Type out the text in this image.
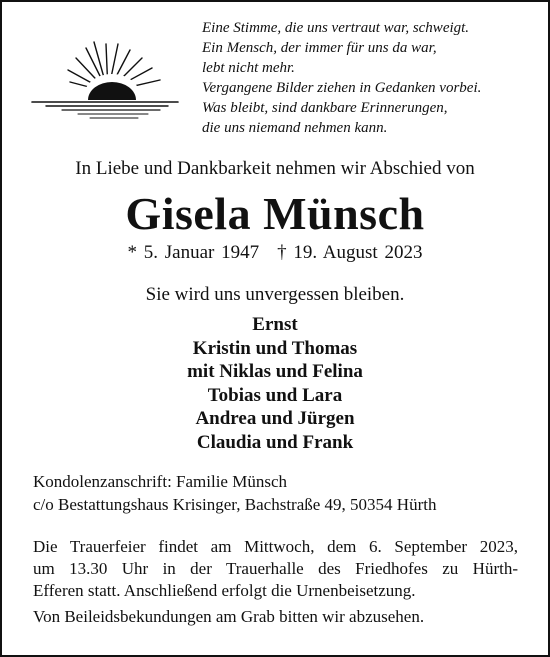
Eine Stimme, die uns vertraut war, schweigt.
Ein Mensch, der immer für uns da war,
lebt nicht mehr.
Vergangene Bilder ziehen in Gedanken vorbei.
Was bleibt, sind dankbare Erinnerungen,
die uns niemand nehmen kann.
In Liebe und Dankbarkeit nehmen wir Abschied von
Gisela Münsch
* 5. Januar 1947 † 19. August 2023
Sie wird uns unvergessen bleiben.
Ernst
Kristin und Thomas
mit Niklas und Felina
Tobias und Lara
Andrea und Jürgen
Claudia und Frank
Kondolenzanschrift: Familie Münsch
c/o Bestattungshaus Krisinger, Bachstraße 49, 50354 Hürth
Die Trauerfeier findet am Mittwoch, dem 6. September 2023,
um 13.30 Uhr in der Trauerhalle des Friedhofes zu Hürth-
Efferen statt. Anschließend erfolgt die Urnenbeisetzung.
Von Beileidsbekundungen am Grab bitten wir abzusehen.
